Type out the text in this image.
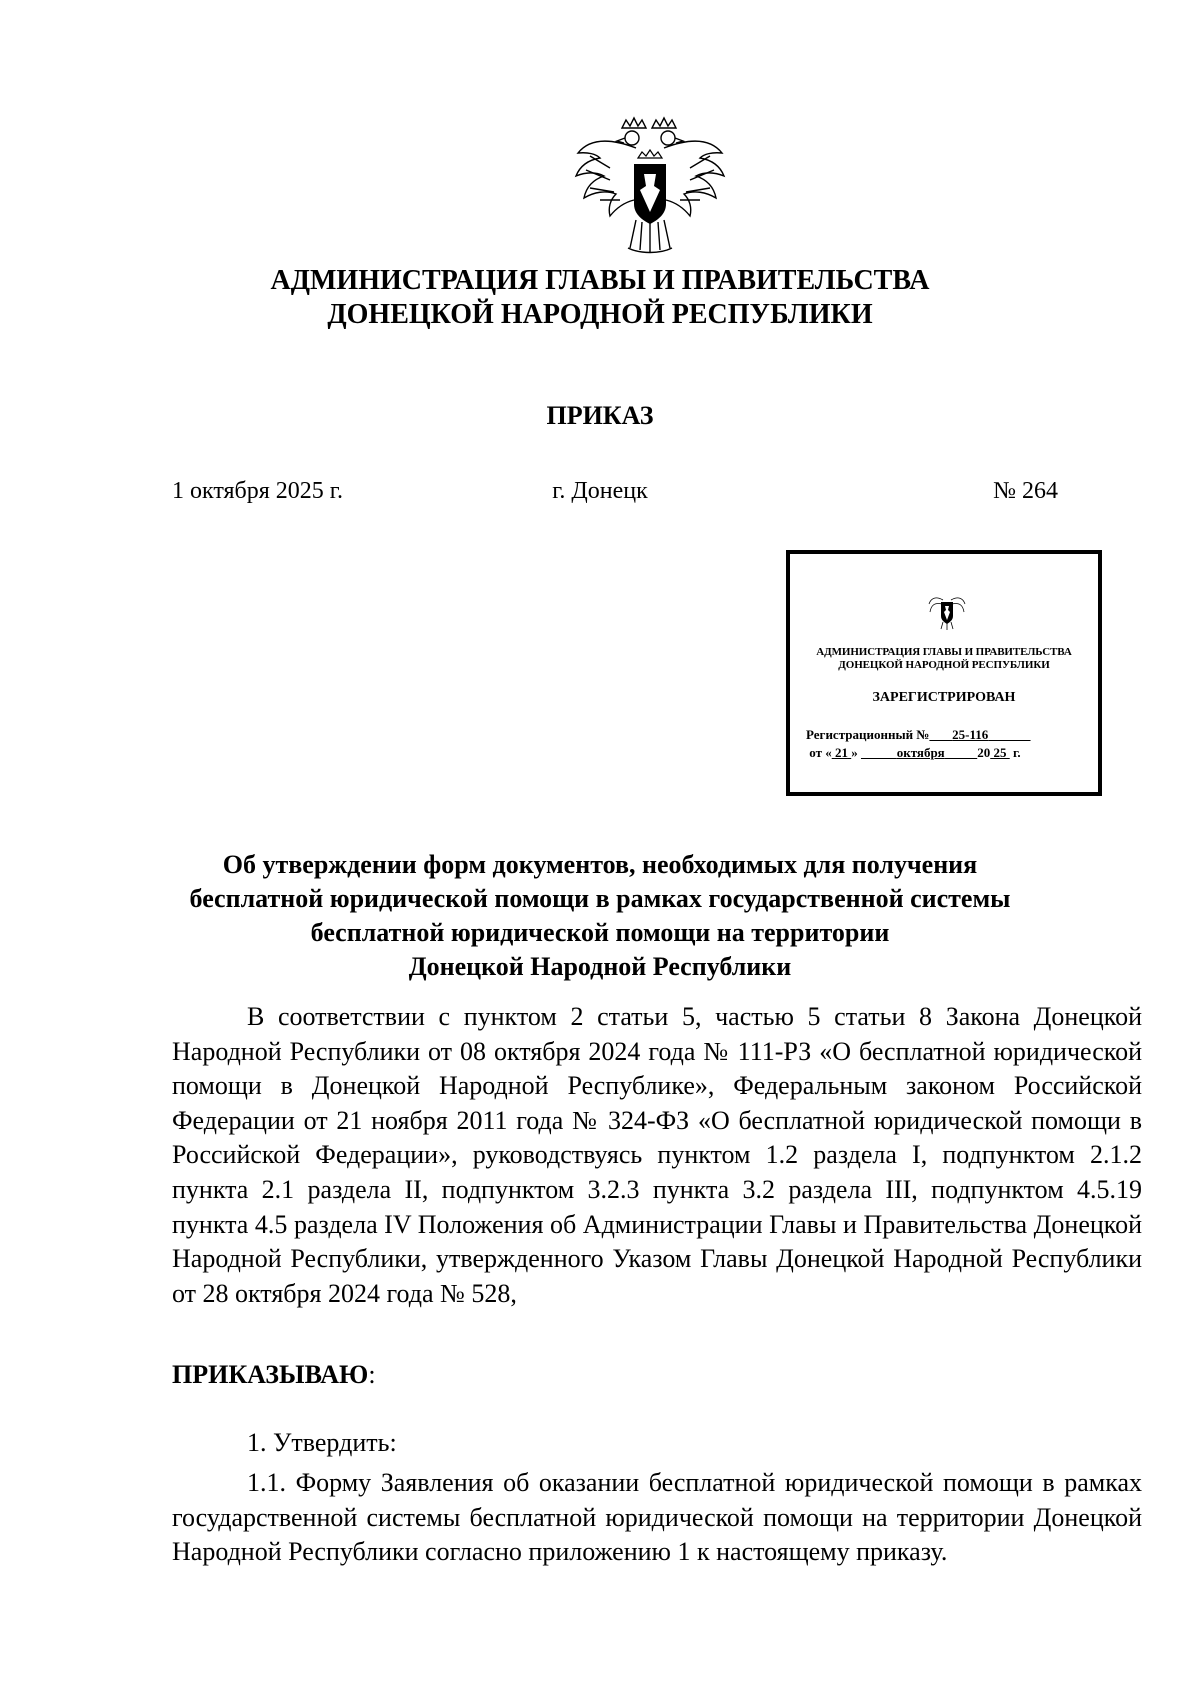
АДМИНИСТРАЦИЯ ГЛАВЫ И ПРАВИТЕЛЬСТВА
ДОНЕЦКОЙ НАРОДНОЙ РЕСПУБЛИКИ
ПРИКАЗ
1 октября 2025 г.	г. Донецк	№ 264
АДМИНИСТРАЦИЯ ГЛАВЫ И ПРАВИТЕЛЬСТВА
ДОНЕЦКОЙ НАРОДНОЙ РЕСПУБЛИКИ
ЗАРЕГИСТРИРОВАН
Регистрационный № 25-116
от « 21 »	октября	20 25 г.
Об утверждении форм документов, необходимых для получения
бесплатной юридической помощи в рамках государственной системы
бесплатной юридической помощи на территории
Донецкой Народной Республики
В соответствии с пунктом 2 статьи 5, частью 5 статьи 8 Закона Донецкой Народной Республики от 08 октября 2024 года № 111-РЗ «О бесплатной юридической помощи в Донецкой Народной Республике», Федеральным законом Российской Федерации от 21 ноября 2011 года № 324-ФЗ «О бесплатной юридической помощи в Российской Федерации», руководствуясь пунктом 1.2 раздела I, подпунктом 2.1.2 пункта 2.1 раздела II, подпунктом 3.2.3 пункта 3.2 раздела III, подпунктом 4.5.19 пункта 4.5 раздела IV Положения об Администрации Главы и Правительства Донецкой Народной Республики, утвержденного Указом Главы Донецкой Народной Республики от 28 октября 2024 года № 528,
ПРИКАЗЫВАЮ:
1. Утвердить:
1.1. Форму Заявления об оказании бесплатной юридической помощи в рамках государственной системы бесплатной юридической помощи на территории Донецкой Народной Республики согласно приложению 1 к настоящему приказу.
